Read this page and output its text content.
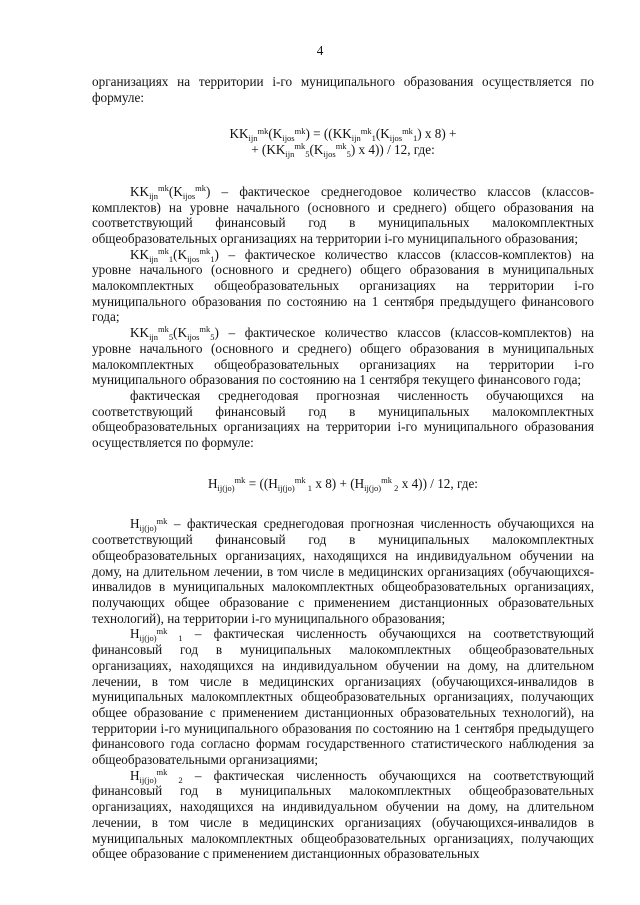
4

организациях на территории i-го муниципального образования осуществляется по формуле:

$KK_{ijn}^{mk}(K_{ijos}^{mk}) = ((KK_{ijn}^{mk}_1(K_{ijos}^{mk}_1)$ x 8) +

+ ($KK_{ijn}^{mk}_5(K_{ijos}^{mk}_5)$ x 4)) / 12, где:

$KK_{ijn}^{mk}(K_{ijos}^{mk})$ – фактическое среднегодовое количество классов (классов-комплектов) на уровне начального (основного и среднего) общего образования на соответствующий финансовый год в муниципальных малокомплектных общеобразовательных организациях на территории i-го муниципального образования;

$KK_{ijn}^{mk}_1(K_{ijos}^{mk}_1)$ – фактическое количество классов (классов-комплектов) на уровне начального (основного и среднего) общего образования в муниципальных малокомплектных общеобразовательных организациях на территории i-го муниципального образования по состоянию на 1 сентября предыдущего финансового года;

$KK_{ijn}^{mk}_5(K_{ijos}^{mk}_5)$ – фактическое количество классов (классов-комплектов) на уровне начального (основного и среднего) общего образования в муниципальных малокомплектных общеобразовательных организациях на территории i-го муниципального образования по состоянию на 1 сентября текущего финансового года;

фактическая среднегодовая прогнозная численность обучающихся на соответствующий финансовый год в муниципальных малокомплектных общеобразовательных организациях на территории i-го муниципального образования осуществляется по формуле:

$H_{ij(jo)}^{mk} = ((H_{ij(jo)}^{mk}$ $_1$ x $8) + (H_{ij(jo)}^{mk}$ $_2$ x 4)) / 12, где:

$H_{ij(jo)}^{mk}$ – фактическая среднегодовая прогнозная численность обучающихся на соответствующий финансовый год в муниципальных малокомплектных общеобразовательных организациях, находящихся на индивидуальном обучении на дому, на длительном лечении, в том числе в медицинских организациях (обучающихся-инвалидов в муниципальных малокомплектных общеобразовательных организациях, получающих общее образование с применением дистанционных образовательных технологий), на территории i-го муниципального образования;

$H_{ij(jo)}^{mk}$ $_1$ – фактическая численность обучающихся на соответствующий финансовый год в муниципальных малокомплектных общеобразовательных организациях, находящихся на индивидуальном обучении на дому, на длительном лечении, в том числе в медицинских организациях (обучающихся-инвалидов в муниципальных малокомплектных общеобразовательных организациях, получающих общее образование с применением дистанционных образовательных технологий), на территории i-го муниципального образования по состоянию на 1 сентября предыдущего финансового года согласно формам государственного статистического наблюдения за общеобразовательными организациями;

$H_{ij(jo)}^{mk}$ $_2$ – фактическая численность обучающихся на соответствующий финансовый год в муниципальных малокомплектных общеобразовательных организациях, находящихся на индивидуальном обучении на дому, на длительном лечении, в том числе в медицинских организациях (обучающихся-инвалидов в муниципальных малокомплектных общеобразовательных организациях, получающих общее образование с применением дистанционных образовательных
